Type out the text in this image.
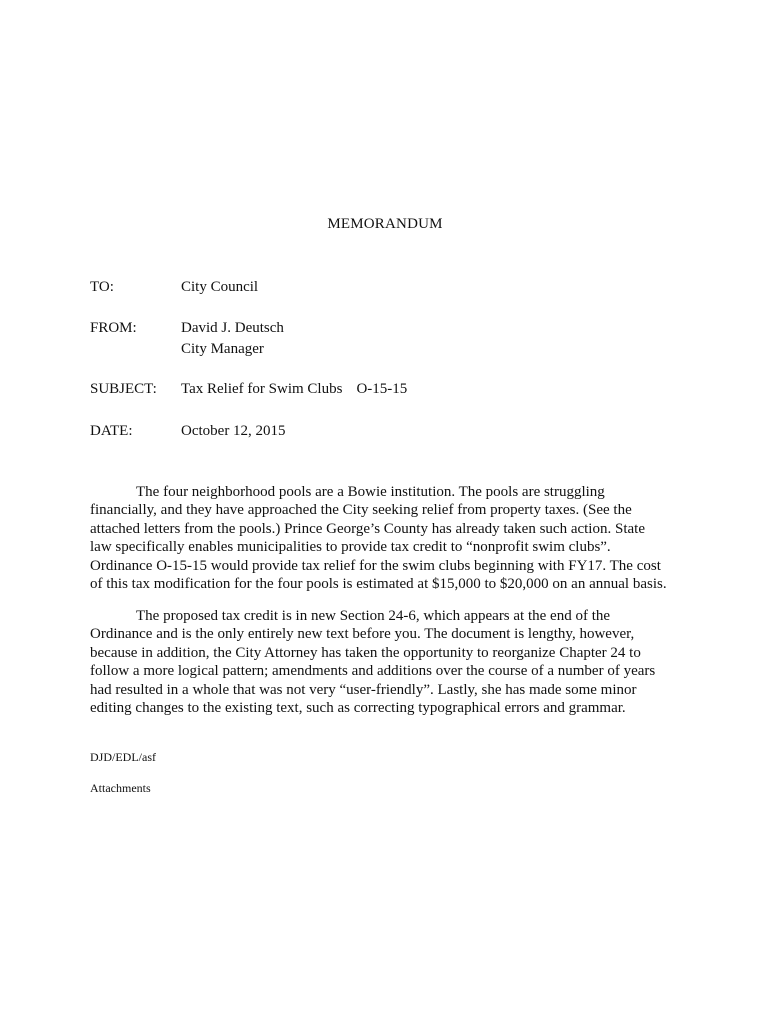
MEMORANDUM
TO:	City Council
FROM:	David J. Deutsch
City Manager
SUBJECT:	Tax Relief for Swim Clubs O-15-15
DATE:	October 12, 2015

The four neighborhood pools are a Bowie institution. The pools are struggling
financially, and they have approached the City seeking relief from property taxes. (See the
attached letters from the pools.) Prince George’s County has already taken such action. State
law specifically enables municipalities to provide tax credit to “nonprofit swim clubs”.
Ordinance O-15-15 would provide tax relief for the swim clubs beginning with FY17. The cost
of this tax modification for the four pools is estimated at $15,000 to $20,000 on an annual basis.

The proposed tax credit is in new Section 24-6, which appears at the end of the
Ordinance and is the only entirely new text before you. The document is lengthy, however,
because in addition, the City Attorney has taken the opportunity to reorganize Chapter 24 to
follow a more logical pattern; amendments and additions over the course of a number of years
had resulted in a whole that was not very “user-friendly”. Lastly, she has made some minor
editing changes to the existing text, such as correcting typographical errors and grammar.

DJD/EDL/asf
Attachments
